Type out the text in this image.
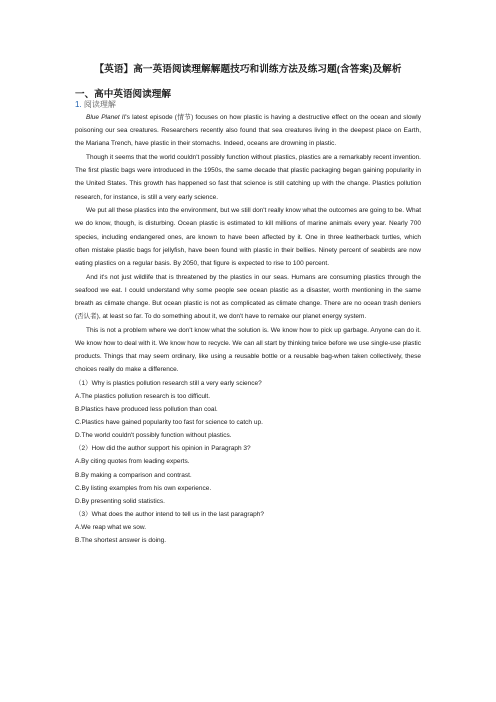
【英语】高一英语阅读理解解题技巧和训练方法及练习题(含答案)及解析
一、高中英语阅读理解
1. 阅读理解

Blue Planet II's latest episode (情节) focuses on how plastic is having a destructive effect on the ocean and slowly poisoning our sea creatures. Researchers recently also found that sea creatures living in the deepest place on Earth, the Mariana Trench, have plastic in their stomachs. Indeed, oceans are drowning in plastic.

Though it seems that the world couldn't possibly function without plastics, plastics are a remarkably recent invention. The first plastic bags were introduced in the 1950s, the same decade that plastic packaging began gaining popularity in the United States. This growth has happened so fast that science is still catching up with the change. Plastics pollution research, for instance, is still a very early science.

We put all these plastics into the environment, but we still don't really know what the outcomes are going to be. What we do know, though, is disturbing. Ocean plastic is estimated to kill millions of marine animals every year. Nearly 700 species, including endangered ones, are known to have been affected by it. One in three leatherback turtles, which often mistake plastic bags for jellyfish, have been found with plastic in their bellies. Ninety percent of seabirds are now eating plastics on a regular basis. By 2050, that figure is expected to rise to 100 percent.

And it's not just wildlife that is threatened by the plastics in our seas. Humans are consuming plastics through the seafood we eat. I could understand why some people see ocean plastic as a disaster, worth mentioning in the same breath as climate change. But ocean plastic is not as complicated as climate change. There are no ocean trash deniers (否认者), at least so far. To do something about it, we don't have to remake our planet energy system.

This is not a problem where we don't know what the solution is. We know how to pick up garbage. Anyone can do it. We know how to deal with it. We know how to recycle. We can all start by thinking twice before we use single-use plastic products. Things that may seem ordinary, like using a reusable bottle or a reusable bag-when taken collectively, these choices really do make a difference.

（1）Why is plastics pollution research still a very early science?
A.The plastics pollution research is too difficult.
B.Plastics have produced less pollution than coal.
C.Plastics have gained popularity too fast for science to catch up.
D.The world couldn't possibly function without plastics.
（2）How did the author support his opinion in Paragraph 3?
A.By citing quotes from leading experts.
B.By making a comparison and contrast.
C.By listing examples from his own experience.
D.By presenting solid statistics.
（3）What does the author intend to tell us in the last paragraph?
A.We reap what we sow.
B.The shortest answer is doing.
